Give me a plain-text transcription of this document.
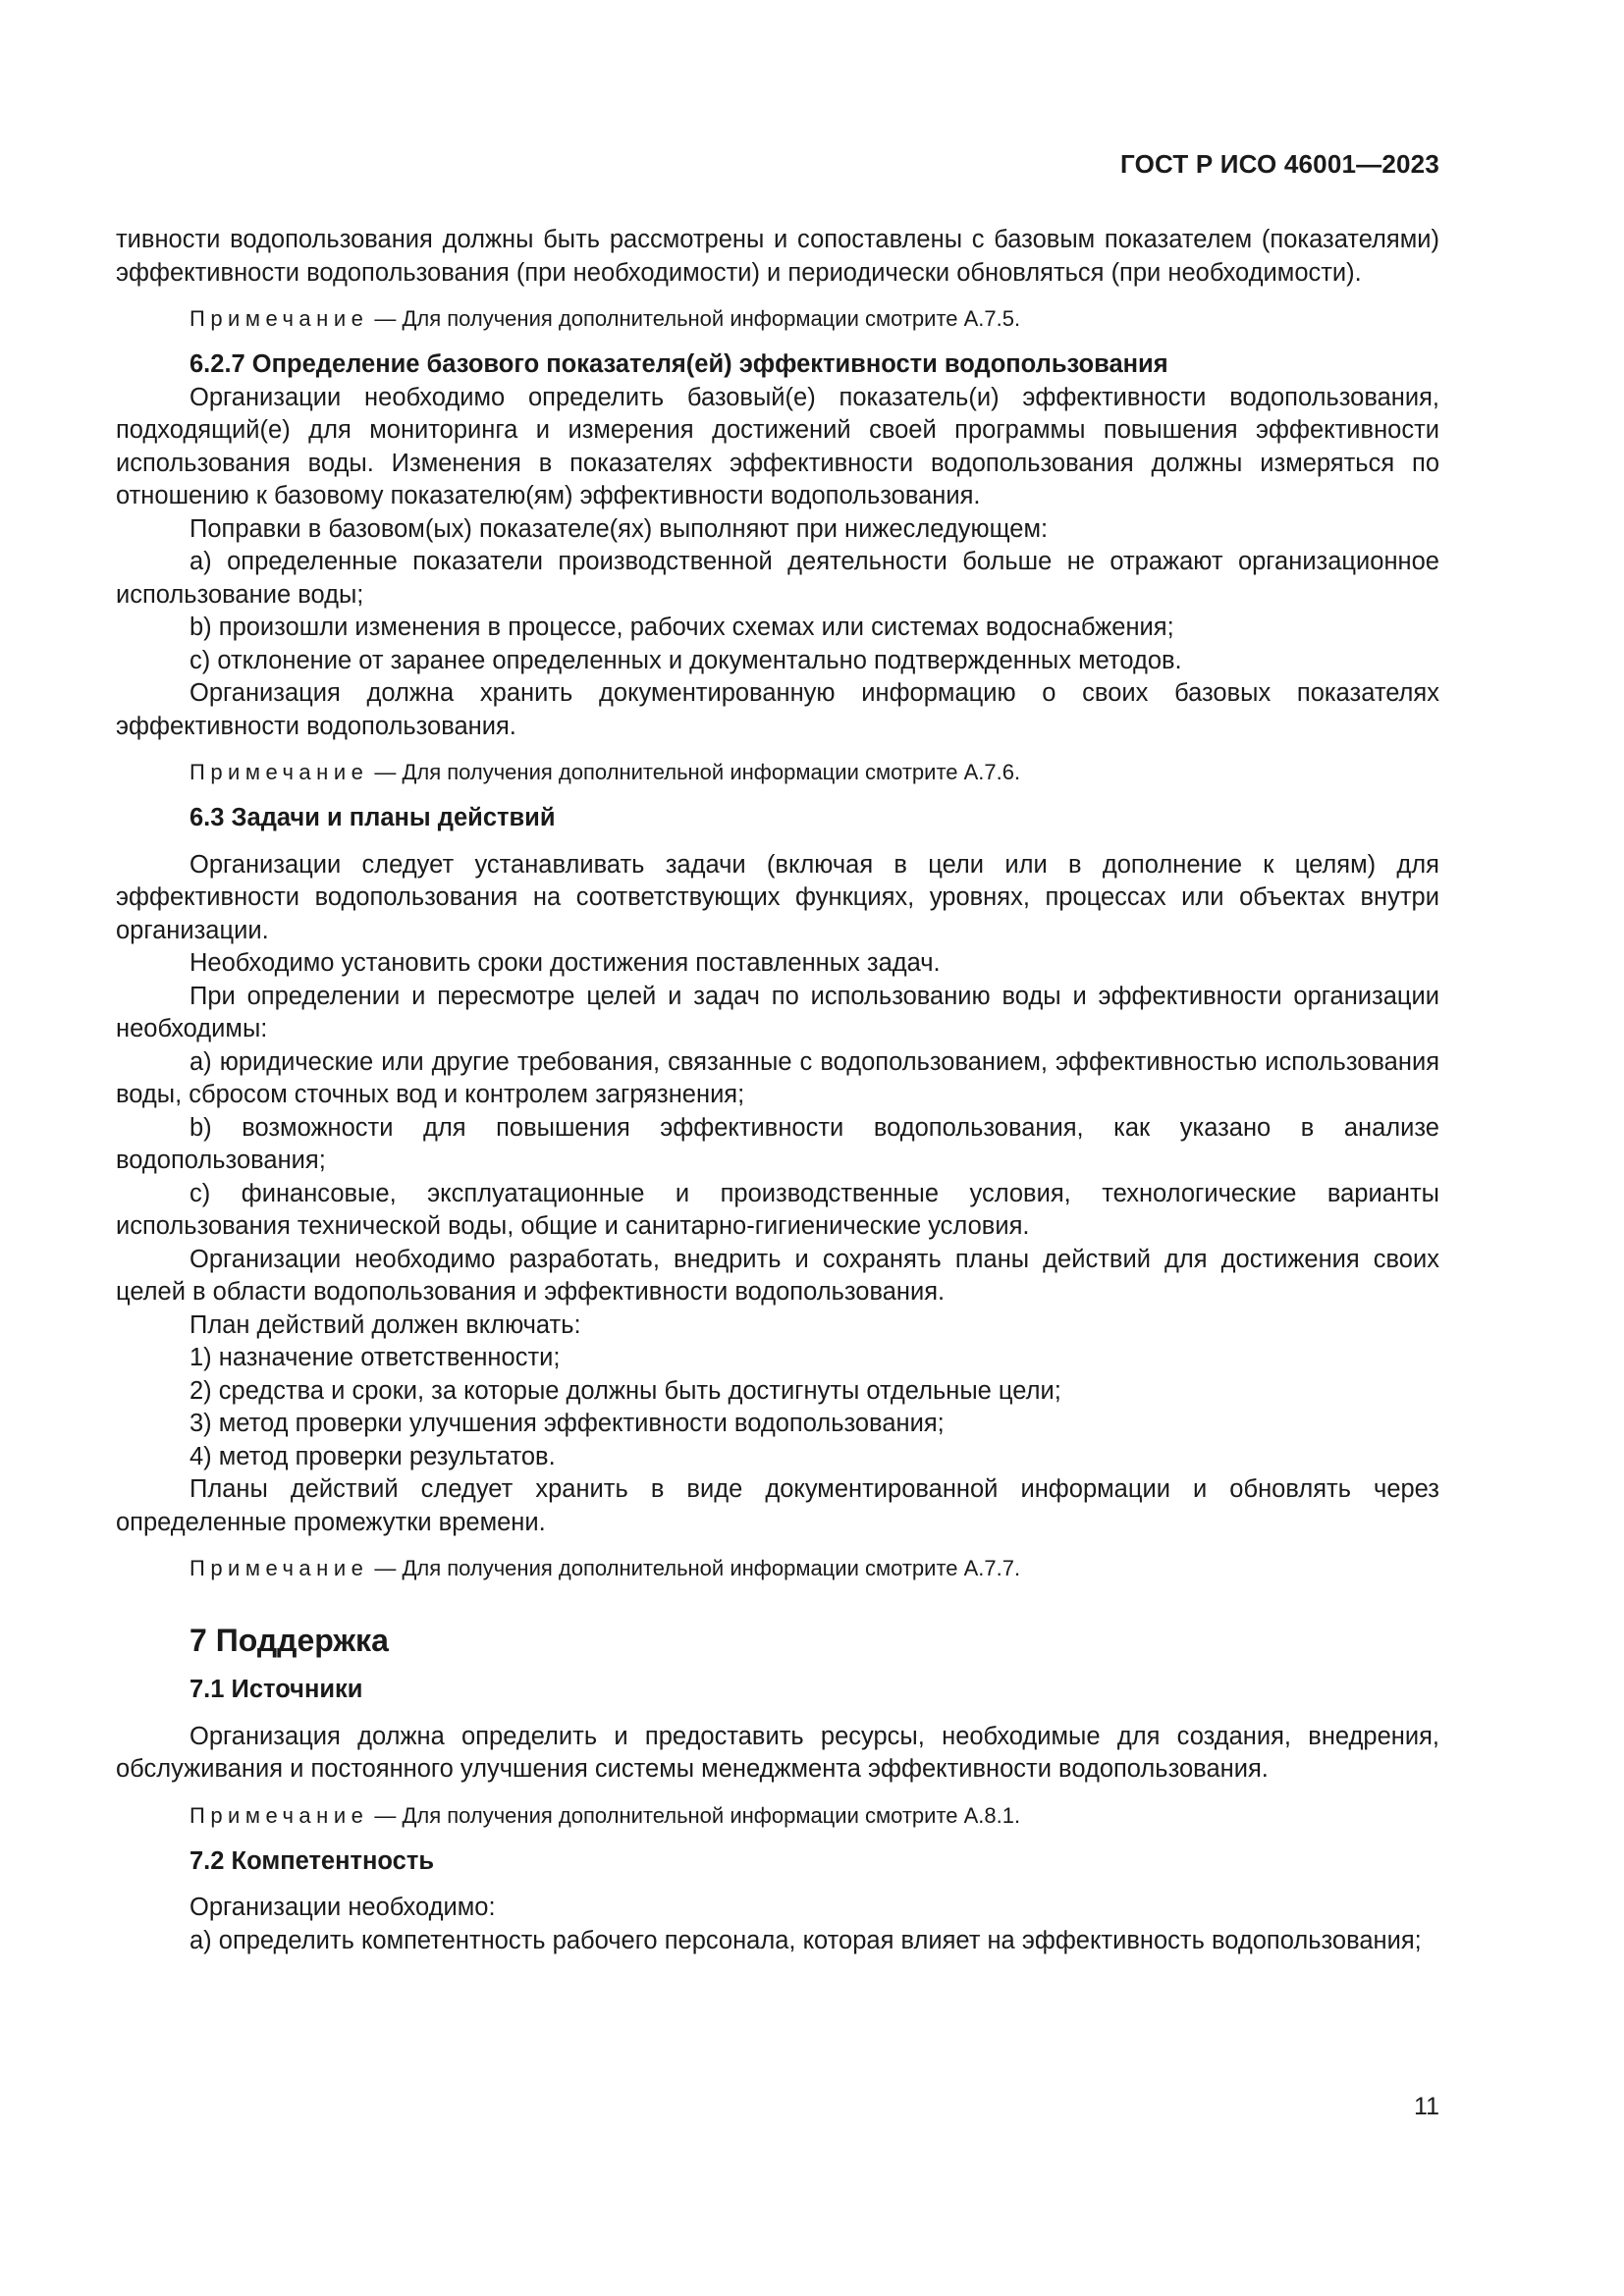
ГОСТ Р ИСО 46001—2023

тивности водопользования должны быть рассмотрены и сопоставлены с базовым показателем (показателями) эффективности водопользования (при необходимости) и периодически обновляться (при необходимости).

Примечание — Для получения дополнительной информации смотрите А.7.5.
6.2.7 Определение базового показателя(ей) эффективности водопользования

Организации необходимо определить базовый(е) показатель(и) эффективности водопользования, подходящий(е) для мониторинга и измерения достижений своей программы повышения эффективности использования воды. Изменения в показателях эффективности водопользования должны измеряться по отношению к базовому показателю(ям) эффективности водопользования.

Поправки в базовом(ых) показателе(ях) выполняют при нижеследующем:

a) определенные показатели производственной деятельности больше не отражают организационное использование воды;

b) произошли изменения в процессе, рабочих схемах или системах водоснабжения;

c) отклонение от заранее определенных и документально подтвержденных методов.

Организация должна хранить документированную информацию о своих базовых показателях эффективности водопользования.

Примечание — Для получения дополнительной информации смотрите А.7.6.
6.3 Задачи и планы действий

Организации следует устанавливать задачи (включая в цели или в дополнение к целям) для эффективности водопользования на соответствующих функциях, уровнях, процессах или объектах внутри организации.

Необходимо установить сроки достижения поставленных задач.

При определении и пересмотре целей и задач по использованию воды и эффективности организации необходимы:

a) юридические или другие требования, связанные с водопользованием, эффективностью использования воды, сбросом сточных вод и контролем загрязнения;

b) возможности для повышения эффективности водопользования, как указано в анализе водопользования;

c) финансовые, эксплуатационные и производственные условия, технологические варианты использования технической воды, общие и санитарно-гигиенические условия.

Организации необходимо разработать, внедрить и сохранять планы действий для достижения своих целей в области водопользования и эффективности водопользования.

План действий должен включать:

1) назначение ответственности;

2) средства и сроки, за которые должны быть достигнуты отдельные цели;

3) метод проверки улучшения эффективности водопользования;

4) метод проверки результатов.

Планы действий следует хранить в виде документированной информации и обновлять через определенные промежутки времени.

Примечание — Для получения дополнительной информации смотрите А.7.7.
7 Поддержка
7.1 Источники

Организация должна определить и предоставить ресурсы, необходимые для создания, внедрения, обслуживания и постоянного улучшения системы менеджмента эффективности водопользования.

Примечание — Для получения дополнительной информации смотрите А.8.1.
7.2 Компетентность

Организации необходимо:

a) определить компетентность рабочего персонала, которая влияет на эффективность водопользования;

11
